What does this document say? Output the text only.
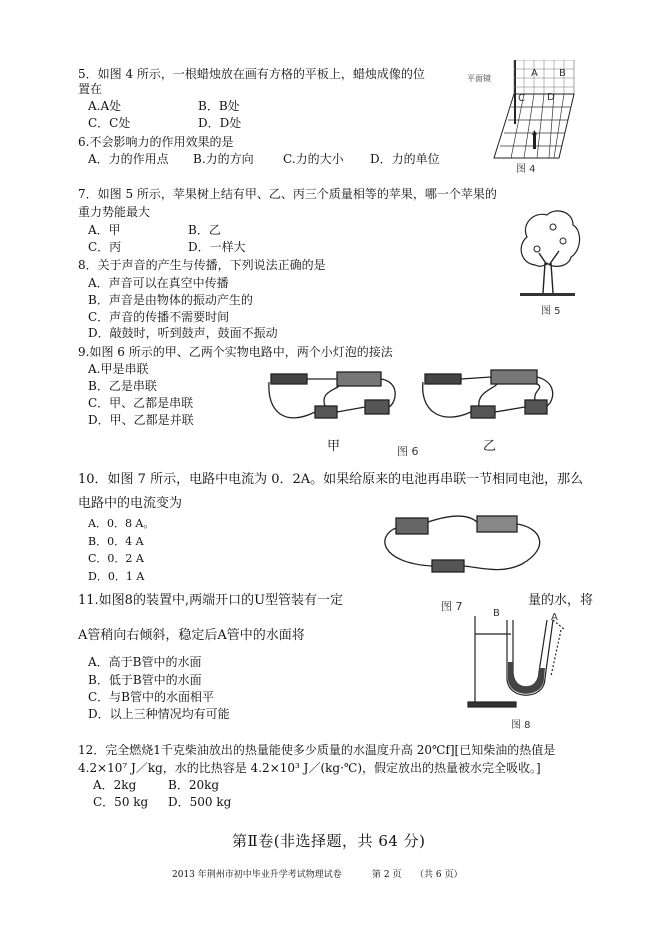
5．如图 4 所示，一根蜡烛放在画有方格的平板上，蜡烛成像的位
置在
A.A处	B．B处
C．C处	D．D处
平面镜	A B
C D
图 4
6.不会影响力的作用效果的是
A．力的作用点 B.力的方向 C.力的大小 D．力的单位
7．如图 5 所示，苹果树上结有甲、乙、丙三个质量相等的苹果，哪一个苹果的
重力势能最大
A．甲	B．乙
C．丙	D．一样大
图 5
8．关于声音的产生与传播，下列说法正确的是
A．声音可以在真空中传播
B．声音是由物体的振动产生的
C．声音的传播不需要时间
D．敲鼓时，听到鼓声，鼓面不振动
9.如图 6 所示的甲、乙两个实物电路中，两个小灯泡的接法
A.甲是串联
B．乙是串联
C．甲、乙都是串联
D．甲、乙都是并联
甲	图 6	乙
10．如图 7 所示，电路中电流为 0．2A。如果给原来的电池再串联一节相同电池，那么
电路中的电流变为
A．0．8 A。
B．0．4 A
C．0．2 A
D．0．1 A
11.如图8的装置中,两端开口的U型管装有一定	图 7	量的水，将
A管稍向右倾斜，稳定后A管中的水面将
A．高于B管中的水面
B．低于B管中的水面
C．与B管中的水面相平
D．以上三种情况均有可能
B	A
图 8
12．完全燃烧1千克柴油放出的热量能使多少质量的水温度升高 20℃f][已知柴油的热值是
4.2×10⁷ J／kg，水的比热容是 4.2×10³ J／(kg·℃)，假定放出的热量被水完全吸收。]
A．2kg	B．20kg
C．50 kg D．500 kg
第Ⅱ卷(非选择题，共 64 分)
2013 年荆州市初中毕业升学考试物理试卷	第 2 页 （共 6 页）
